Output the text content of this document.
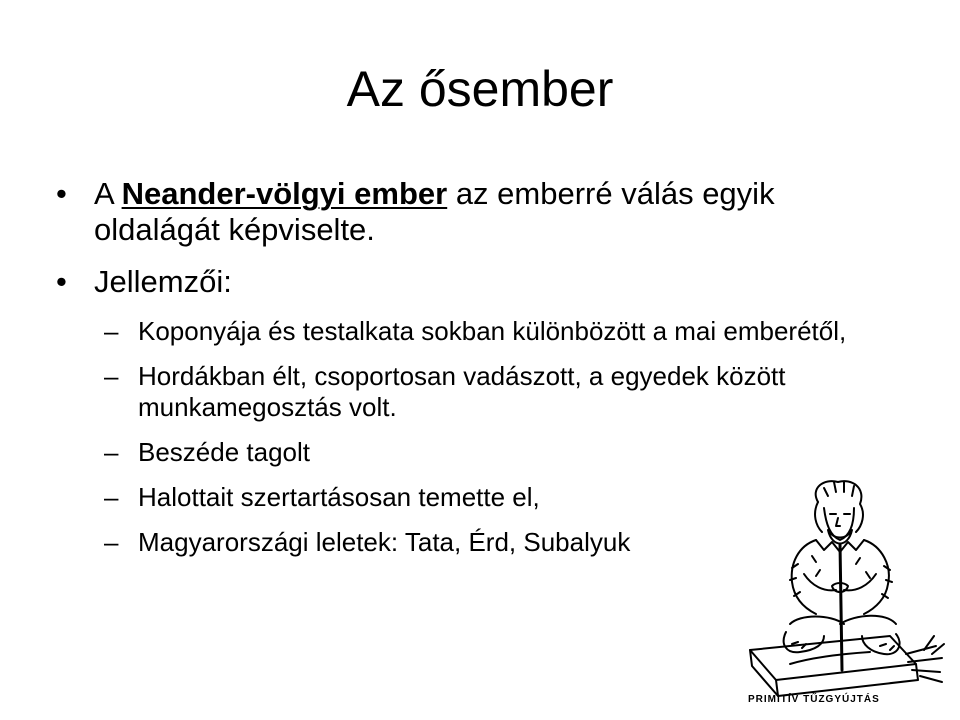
Az ősember
• A Neander-völgyi ember az emberré válás egyik oldalágát képviselte.
• Jellemzői:
– Koponyája és testalkata sokban különbözött a mai emberétől,
– Hordákban élt, csoportosan vadászott, a egyedek között munkamegosztás volt.
– Beszéde tagolt
– Halottait szertartásosan temette el,
– Magyarországi leletek: Tata, Érd, Subalyuk
PRIMITÍV TŰZGYÚJTÁS
